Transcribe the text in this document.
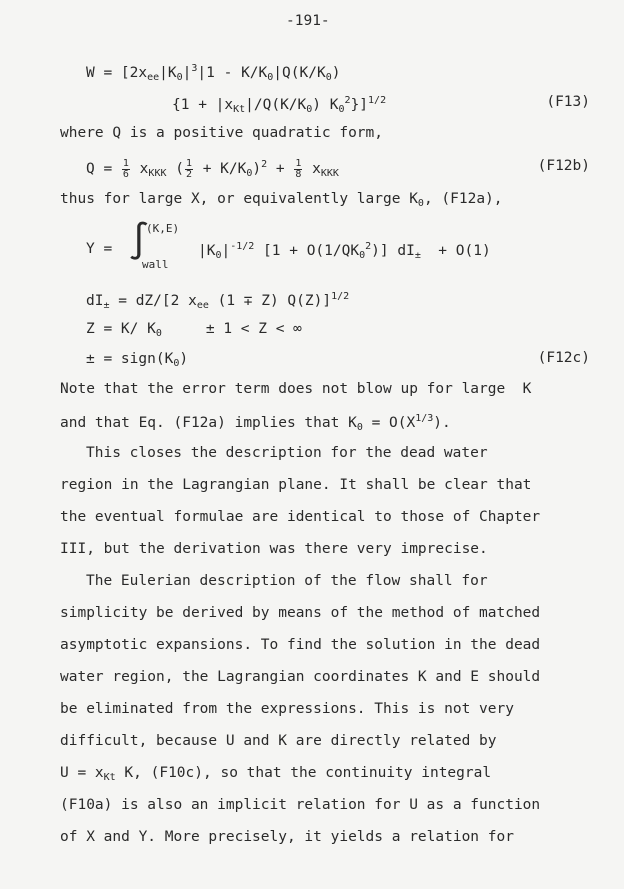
-191-
$W = [2x_{ee}|K_0|^3|1 - K/K_0|Q(K/K_0)$
{$1 + |x_{Kt}|/Q(K/K_0)$ $K_0^2\}]^{1/2}$	(F13)
where Q is a positive quadratic form,
$Q = \frac{1}{6} x_{KKK}$ ( $\frac{1}{2} + K/K_0)^2 + \frac{1}{8} x_{KKK}$	(F12b)
thus for large X, or equivalently large $K_0$, (F12a),
Y = ∫
(K,E)
wall
$|K_0|^{-1/2}$ $[1 + O(1/QK_0^2)]$ $dI_\pm + O(1)$
$dI_\pm = dZ/[2$ $x_{ee}$ (1 ∓ Z) Q(Z)]$^{1/2}$
Z = K/ $K_0$	± 1 < Z < ∞
± = $sign(K_0)$	(F12c)
Note that the error term does not blow up for large  K
and that Eq. (F12a) implies that $K_0 = O(X^{1/3})$.
This closes the description for the dead water
region in the Lagrangian plane. It shall be clear that
the eventual formulae are identical to those of Chapter
III, but the derivation was there very imprecise.
The Eulerian description of the flow shall for
simplicity be derived by means of the method of matched
asymptotic expansions. To find the solution in the dead
water region, the Lagrangian coordinates K and E should
be eliminated from the expressions. This is not very
difficult, because U and K are directly related by
$U = x_{Kt}$ K, (F10c), so that the continuity integral
(F10a) is also an implicit relation for U as a function
of X and Y. More precisely, it yields a relation for
